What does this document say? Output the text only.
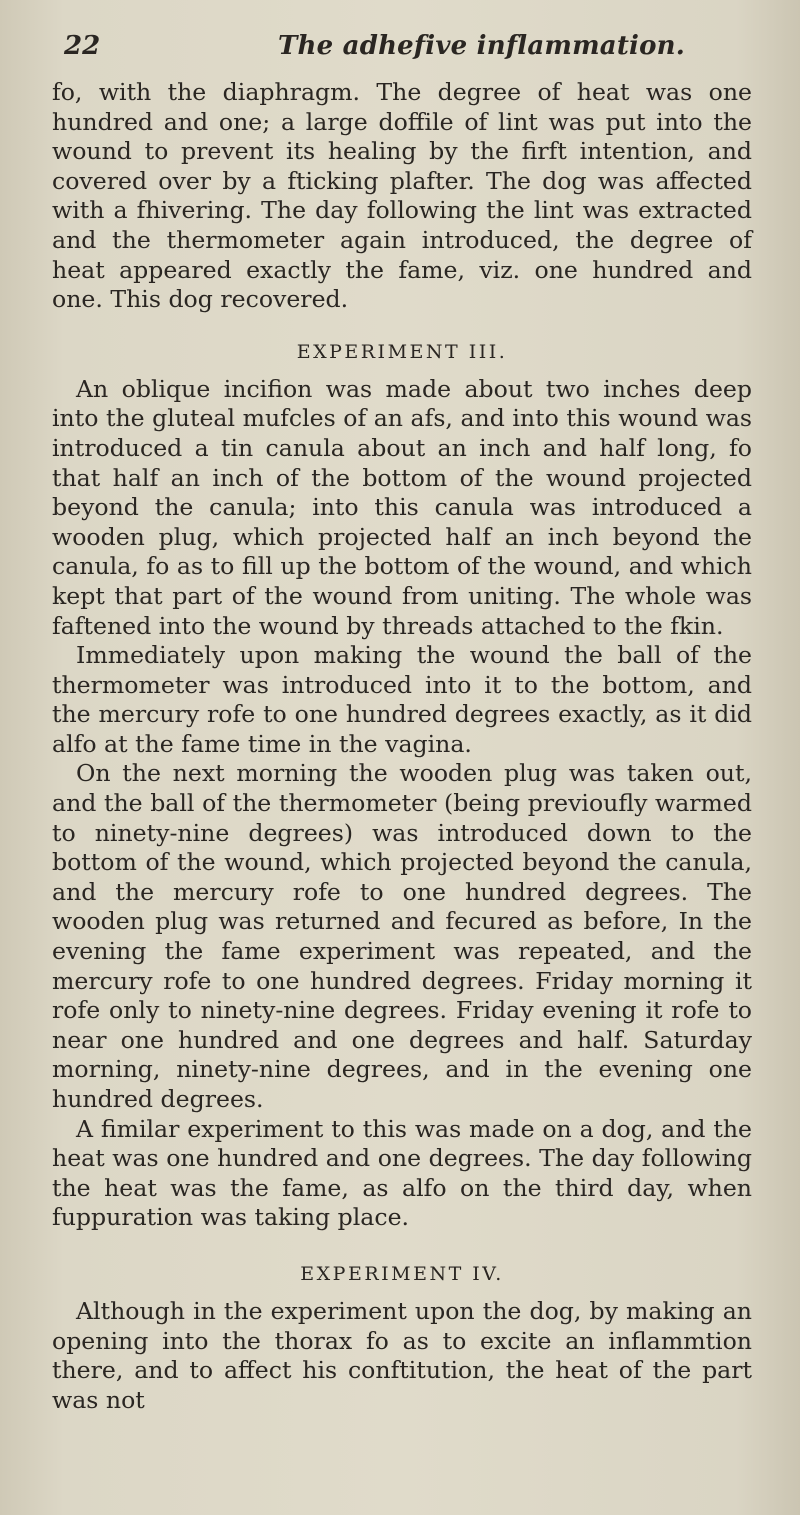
22	The adhefive inflammation.

fo, with the diaphragm. The degree of heat was one hundred and one; a large doffile of lint was put into the wound to prevent its healing by the firft intention, and covered over by a fticking plafter. The dog was affected with a fhivering. The day following the lint was extracted and the thermometer again introduced, the degree of heat appeared exactly the fame, viz. one hundred and one. This dog recovered.

EXPERIMENT III.

An oblique incifion was made about two inches deep into the gluteal mufcles of an afs, and into this wound was introduced a tin canula about an inch and half long, fo that half an inch of the bottom of the wound projected beyond the canula; into this canula was introduced a wooden plug, which projected half an inch beyond the canula, fo as to fill up the bottom of the wound, and which kept that part of the wound from uniting. The whole was faftened into the wound by threads attached to the fkin.

Immediately upon making the wound the ball of the thermometer was introduced into it to the bottom, and the mercury rofe to one hundred degrees exactly, as it did alfo at the fame time in the vagina.

On the next morning the wooden plug was taken out, and the ball of the thermometer (being previoufly warmed to ninety-nine degrees) was introduced down to the bottom of the wound, which projected beyond the canula, and the mercury rofe to one hundred degrees. The wooden plug was returned and fecured as before, In the evening the fame experiment was repeated, and the mercury rofe to one hundred degrees. Friday morning it rofe only to ninety-nine degrees. Friday evening it rofe to near one hundred and one degrees and half. Saturday morning, ninety-nine degrees, and in the evening one hundred degrees.

A fimilar experiment to this was made on a dog, and the heat was one hundred and one degrees. The day following the heat was the fame, as alfo on the third day, when fuppuration was taking place.

EXPERIMENT IV.

Although in the experiment upon the dog, by making an opening into the thorax fo as to excite an inflammtion there, and to affect his conftitution, the heat of the part was not
